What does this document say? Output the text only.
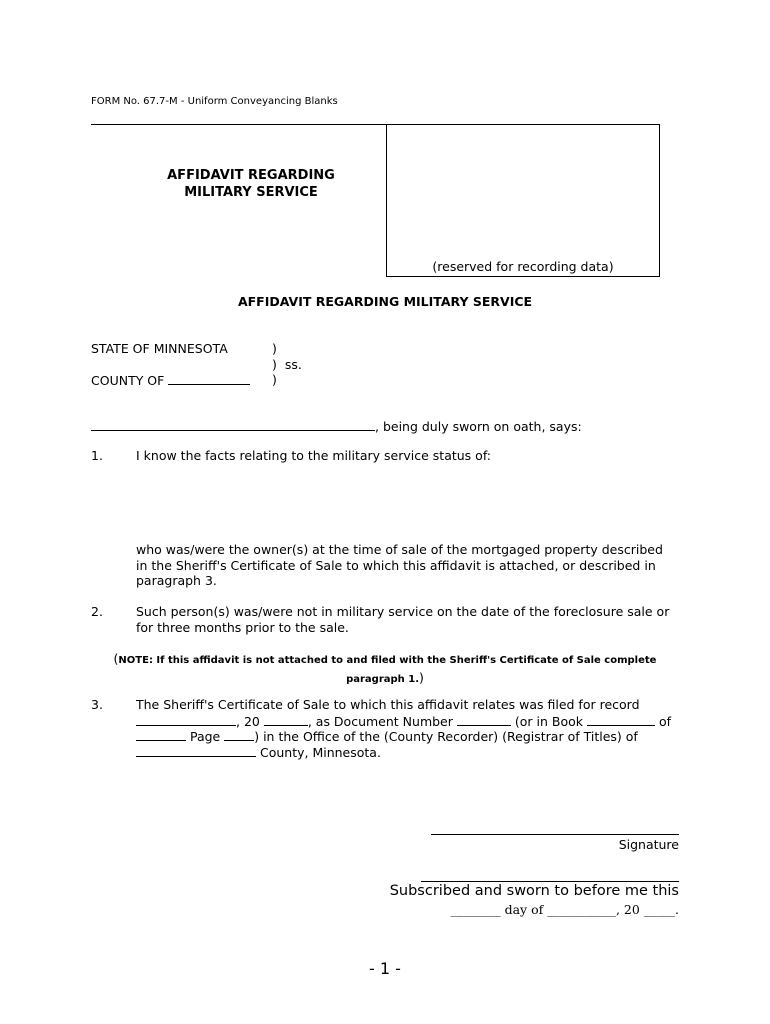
FORM No. 67.7-M - Uniform Conveyancing Blanks
AFFIDAVIT REGARDING
MILITARY SERVICE
(reserved for recording data)
AFFIDAVIT REGARDING MILITARY SERVICE
STATE OF MINNESOTA	)
) ss.
COUNTY OF	)
, being duly sworn on oath, says:
1.	I know the facts relating to the military service status of:
who was/were the owner(s) at the time of sale of the mortgaged property described
in the Sheriff's Certificate of Sale to which this affidavit is attached, or described in
paragraph 3.
2.	Such person(s) was/were not in military service on the date of the foreclosure sale or
for three months prior to the sale.
(NOTE: If this affidavit is not attached to and filed with the Sheriff's Certificate of Sale complete
paragraph 1.)
3.	The Sheriff's Certificate of Sale to which this affidavit relates was filed for record
, 20	, as Document Number	(or in Book	of
Page	) in the Office of the (County Recorder) (Registrar of Titles) of
County, Minnesota.
Signature
Subscribed and sworn to before me this
________ day of ___________, 20 _____.
- 1 -
